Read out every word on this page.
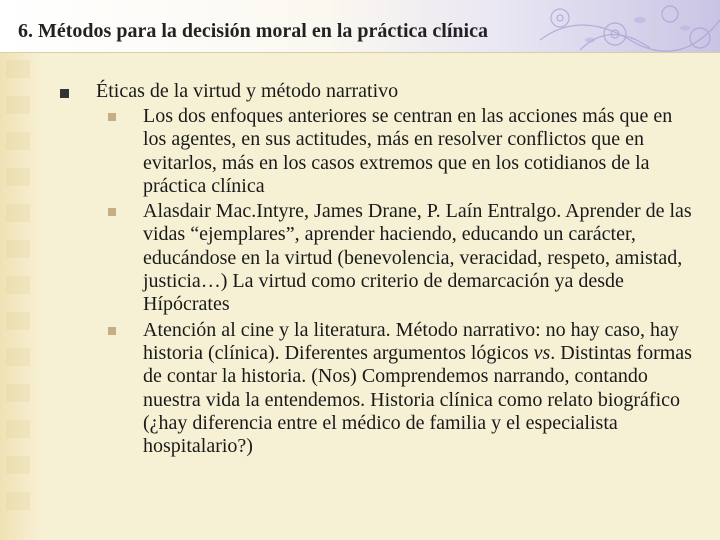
6. Métodos para la decisión moral en la práctica clínica
Éticas de la virtud y método narrativo
Los dos enfoques anteriores se centran en las acciones más que en los agentes, en sus actitudes, más en resolver conflictos que en evitarlos, más en los casos extremos que en los cotidianos de la práctica clínica
Alasdair Mac.Intyre, James Drane, P. Laín Entralgo. Aprender de las vidas “ejemplares”, aprender haciendo, educando un carácter, educándose en la virtud (benevolencia, veracidad, respeto, amistad, justicia…) La virtud como criterio de demarcación ya desde Hípócrates
Atención al cine y la literatura. Método narrativo: no hay caso, hay historia (clínica). Diferentes argumentos lógicos vs. Distintas formas de contar la historia. (Nos) Comprendemos narrando, contando nuestra vida la entendemos. Historia clínica como relato biográfico (¿hay diferencia entre el médico de familia y el especialista hospitalario?)
